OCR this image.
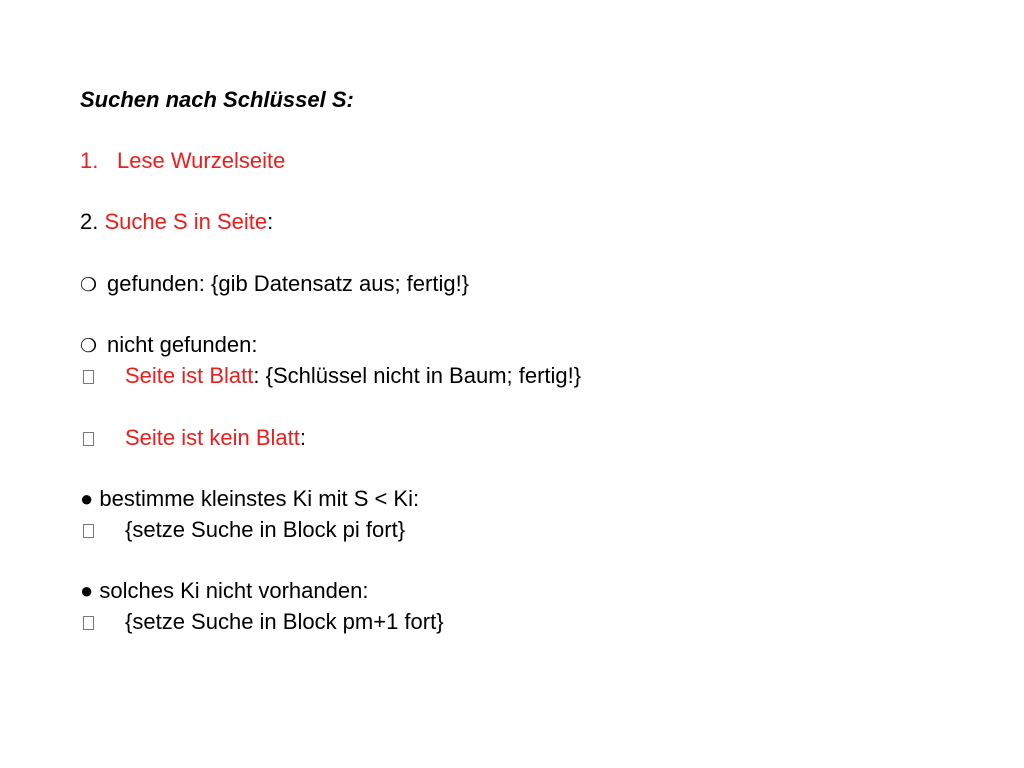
Suchen nach Schlüssel S:
1. Lese Wurzelseite
2. Suche S in Seite:
❍ gefunden: {gib Datensatz aus; fertig!}
❍ nicht gefunden:
Seite ist Blatt: {Schlüssel nicht in Baum; fertig!}
Seite ist kein Blatt:
● bestimme kleinstes Ki mit S < Ki:
{setze Suche in Block pi fort}
● solches Ki nicht vorhanden:
{setze Suche in Block pm+1 fort}
